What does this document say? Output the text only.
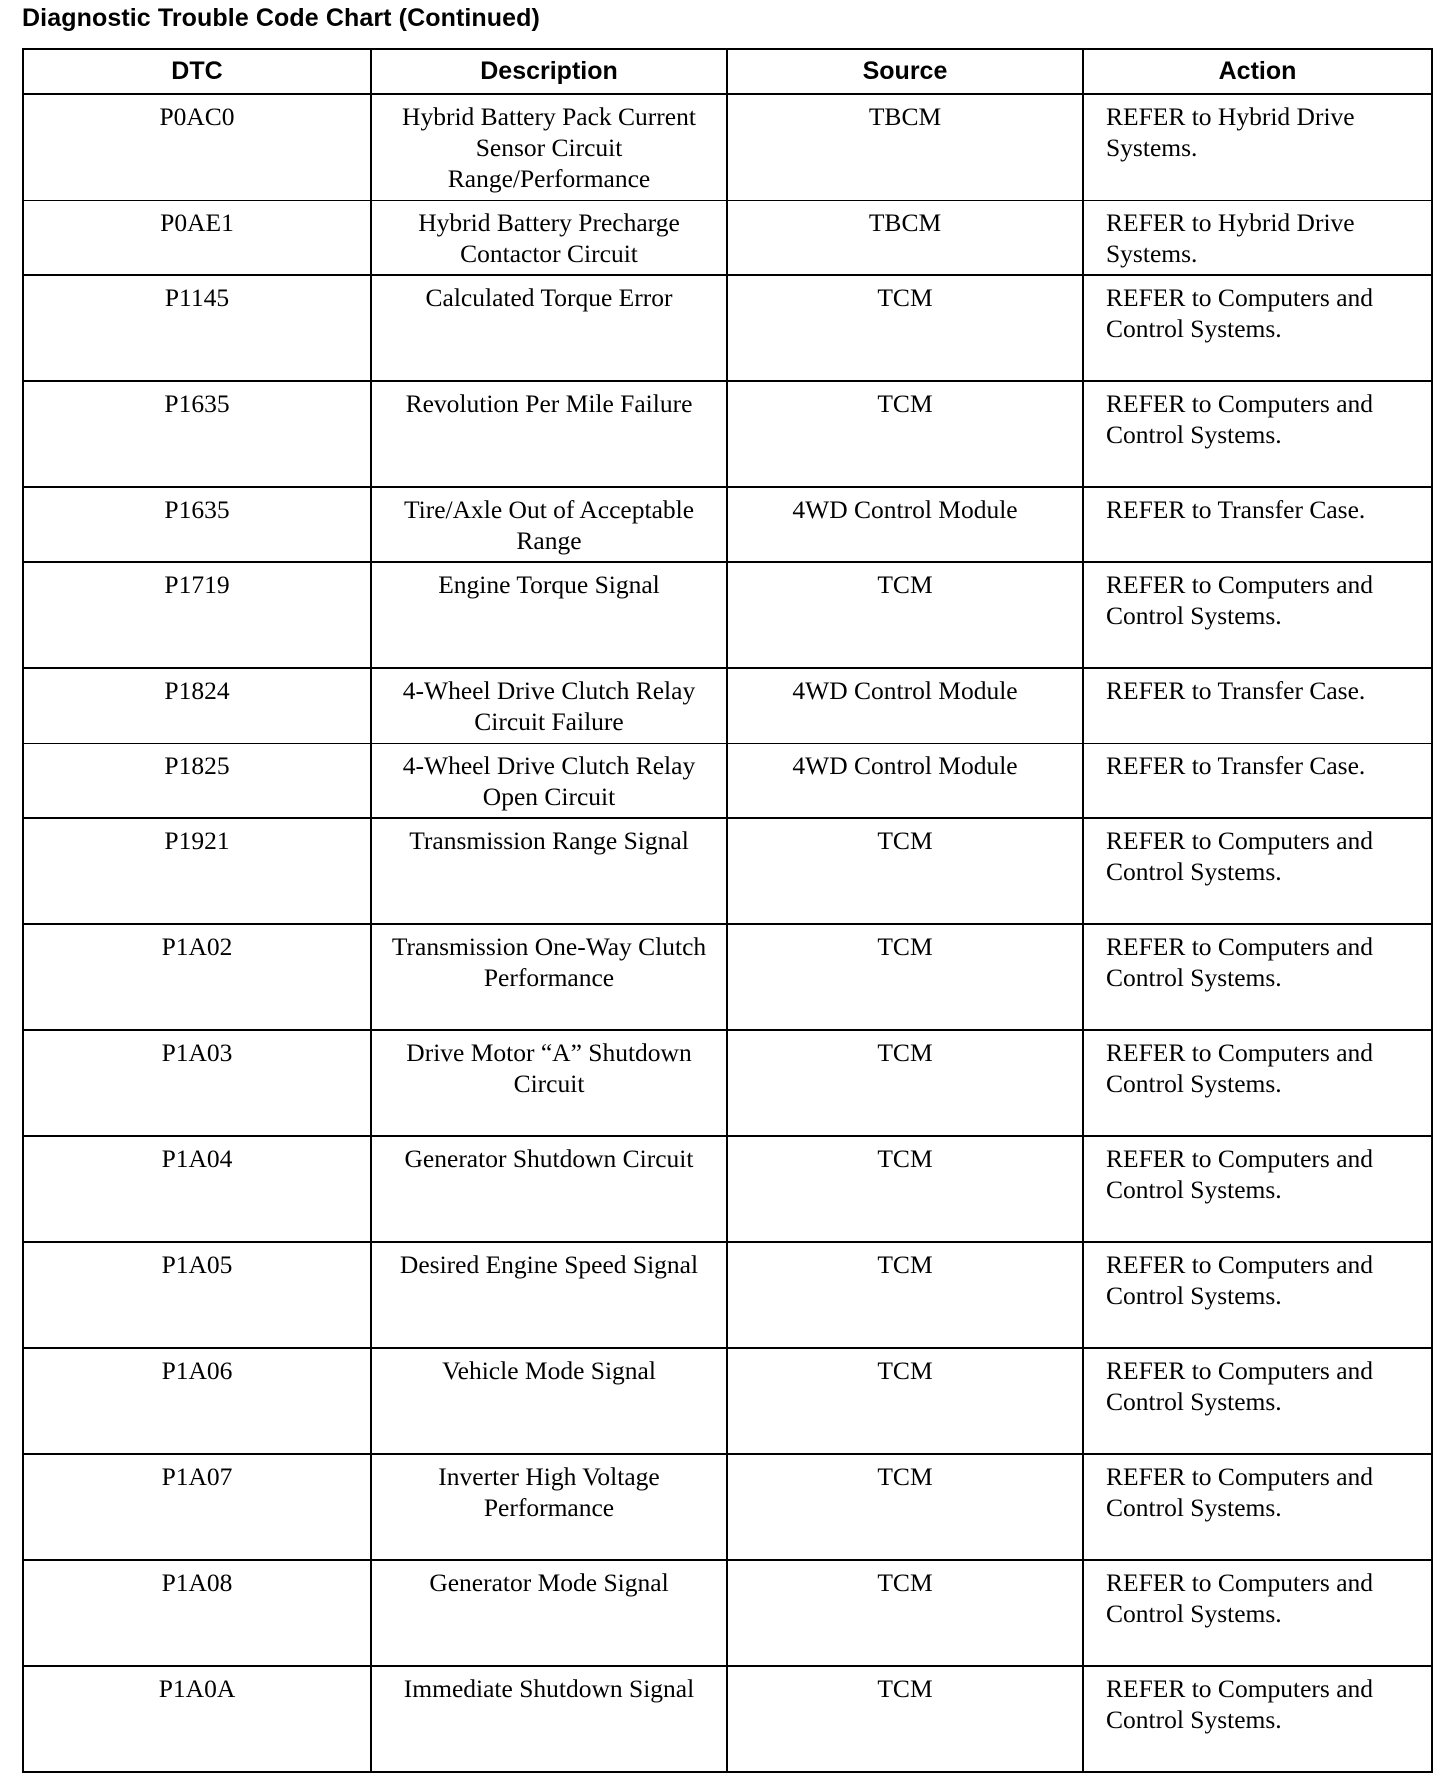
Diagnostic Trouble Code Chart (Continued)
DTC	Description	Source	Action
P0AC0	Hybrid Battery Pack Current Sensor Circuit Range/Performance	TBCM	REFER to Hybrid Drive Systems.
P0AE1	Hybrid Battery Precharge Contactor Circuit	TBCM	REFER to Hybrid Drive Systems.
P1145	Calculated Torque Error	TCM	REFER to Computers and Control Systems.
P1635	Revolution Per Mile Failure	TCM	REFER to Computers and Control Systems.
P1635	Tire/Axle Out of Acceptable Range	4WD Control Module	REFER to Transfer Case.
P1719	Engine Torque Signal	TCM	REFER to Computers and Control Systems.
P1824	4-Wheel Drive Clutch Relay Circuit Failure	4WD Control Module	REFER to Transfer Case.
P1825	4-Wheel Drive Clutch Relay Open Circuit	4WD Control Module	REFER to Transfer Case.
P1921	Transmission Range Signal	TCM	REFER to Computers and Control Systems.
P1A02	Transmission One-Way Clutch Performance	TCM	REFER to Computers and Control Systems.
P1A03	Drive Motor “A” Shutdown Circuit	TCM	REFER to Computers and Control Systems.
P1A04	Generator Shutdown Circuit	TCM	REFER to Computers and Control Systems.
P1A05	Desired Engine Speed Signal	TCM	REFER to Computers and Control Systems.
P1A06	Vehicle Mode Signal	TCM	REFER to Computers and Control Systems.
P1A07	Inverter High Voltage Performance	TCM	REFER to Computers and Control Systems.
P1A08	Generator Mode Signal	TCM	REFER to Computers and Control Systems.
P1A0A	Immediate Shutdown Signal	TCM	REFER to Computers and Control Systems.
